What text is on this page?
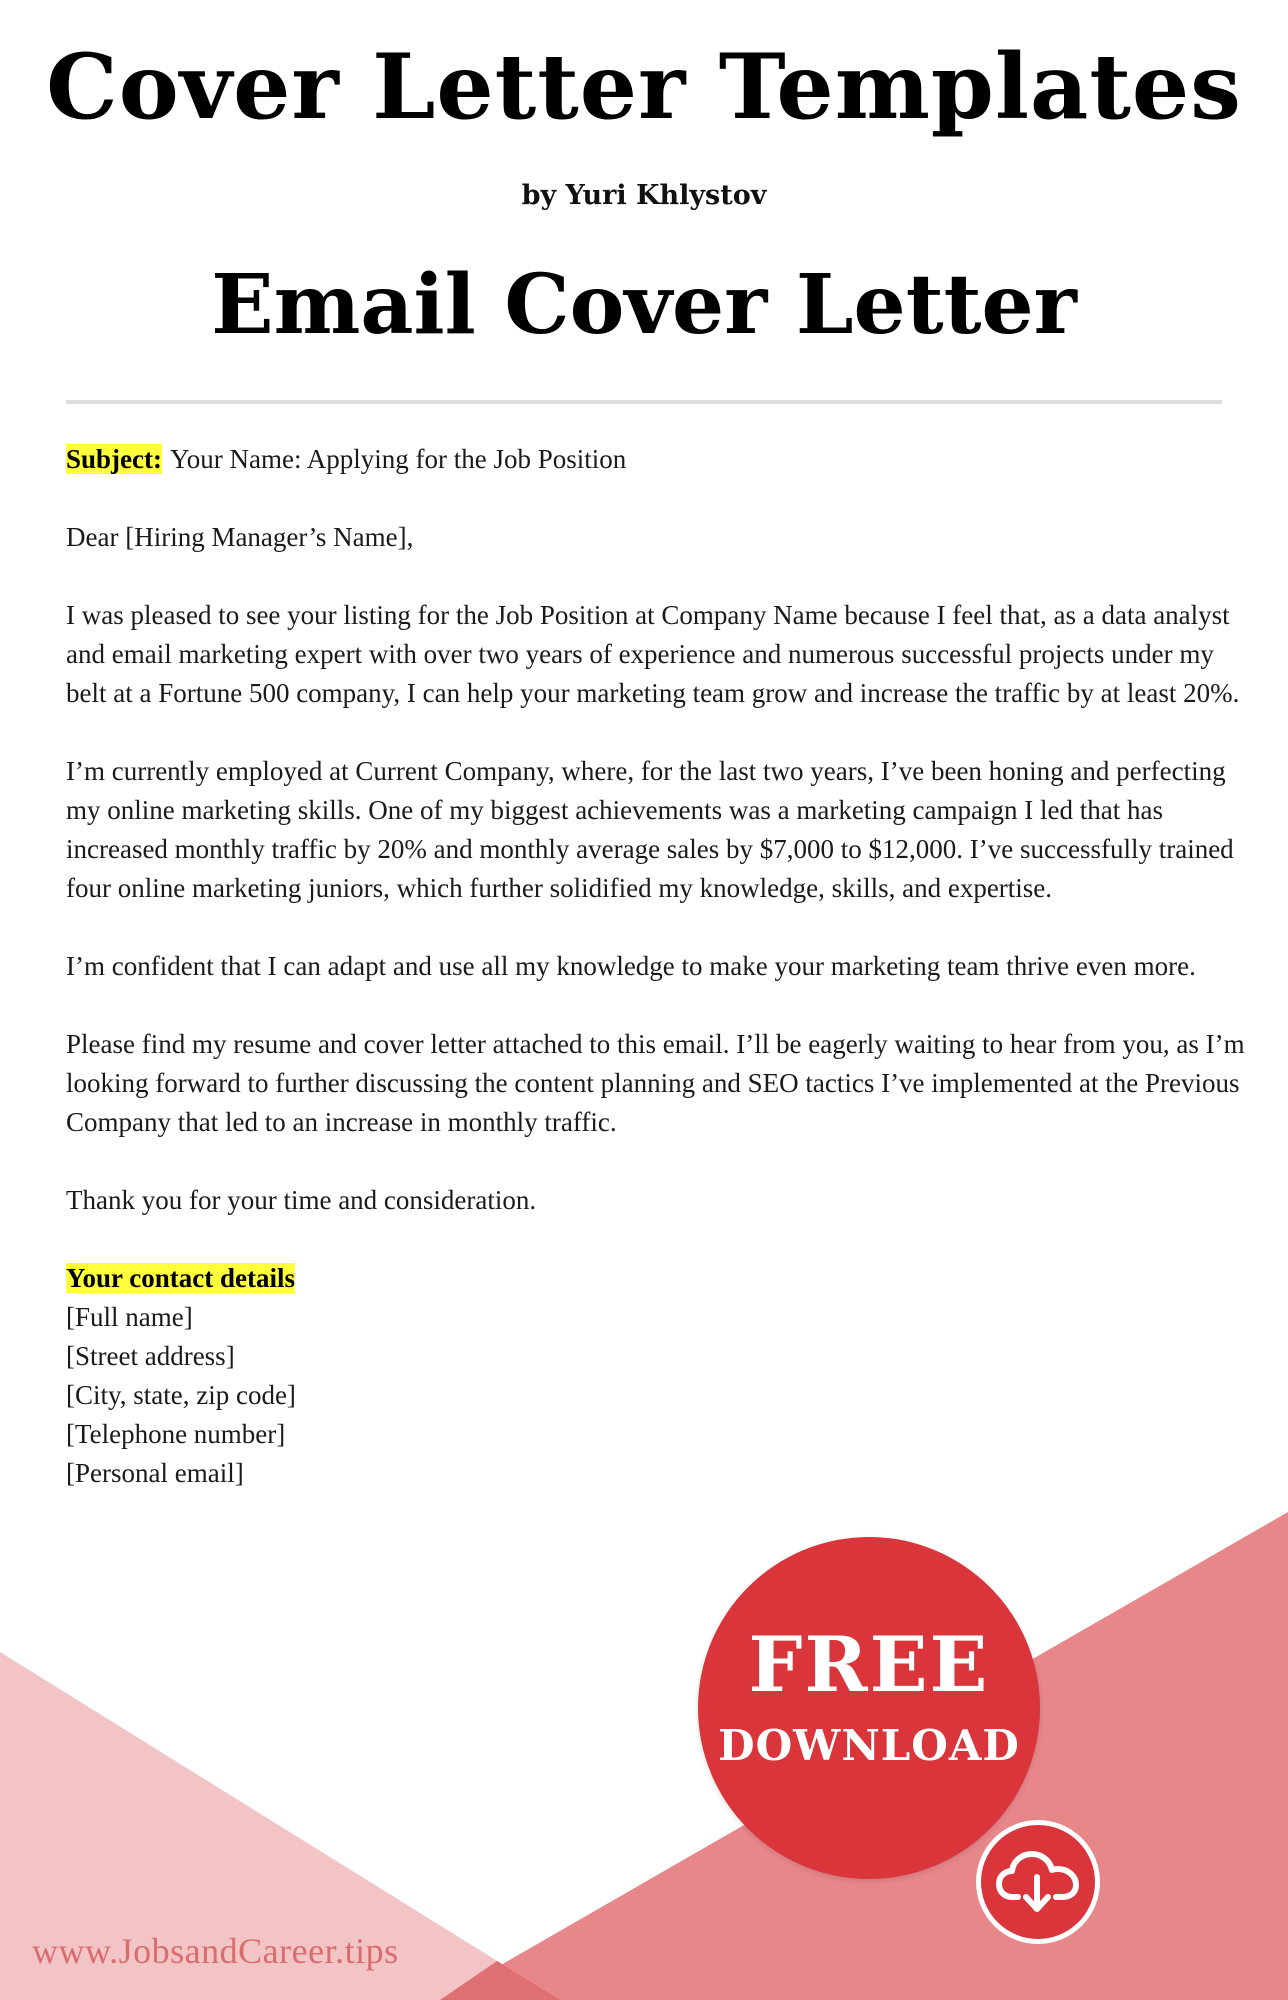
Cover Letter Templates
by Yuri Khlystov
Email Cover Letter

Subject: Your Name: Applying for the Job Position

Dear [Hiring Manager’s Name],

I was pleased to see your listing for the Job Position at Company Name because I feel that, as a data analyst and email marketing expert with over two years of experience and numerous successful projects under my belt at a Fortune 500 company, I can help your marketing team grow and increase the traffic by at least 20%.

I’m currently employed at Current Company, where, for the last two years, I’ve been honing and perfecting my online marketing skills. One of my biggest achievements was a marketing campaign I led that has increased monthly traffic by 20% and monthly average sales by $7,000 to $12,000. I’ve successfully trained four online marketing juniors, which further solidified my knowledge, skills, and expertise.

I’m confident that I can adapt and use all my knowledge to make your marketing team thrive even more.

Please find my resume and cover letter attached to this email. I’ll be eagerly waiting to hear from you, as I’m looking forward to further discussing the content planning and SEO tactics I’ve implemented at the Previous Company that led to an increase in monthly traffic.

Thank you for your time and consideration.

Your contact details
[Full name]
[Street address]
[City, state, zip code]
[Telephone number]
[Personal email]
FREE
DOWNLOAD
www.JobsandCareer.tips
